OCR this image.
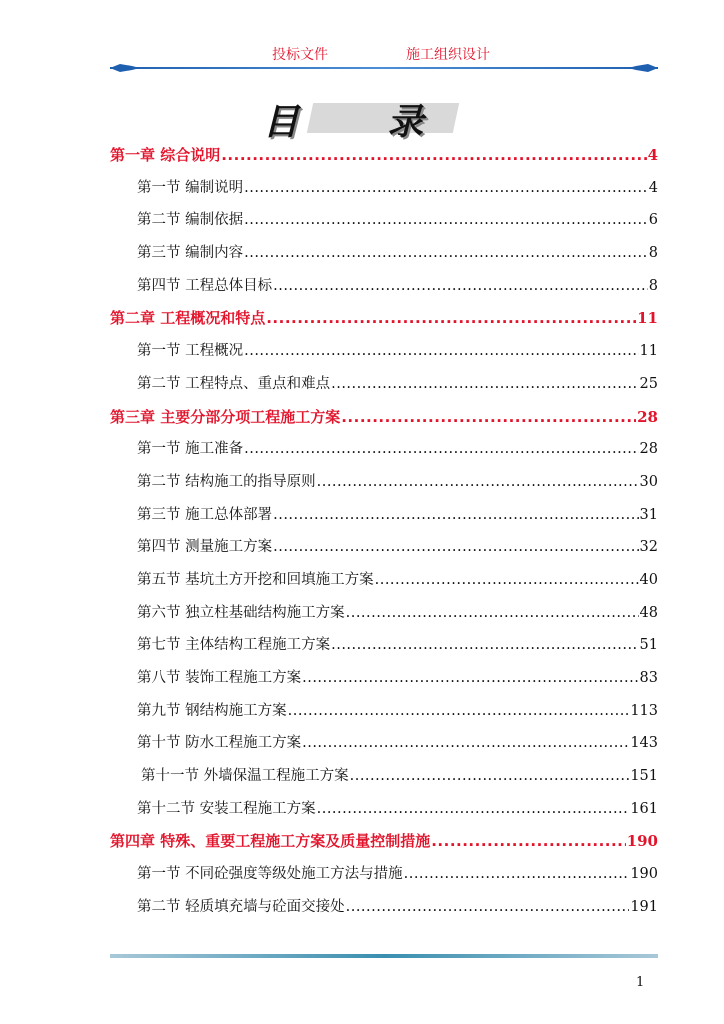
投标文件	施工组织设计
目 录
第一章 综合说明 .....	4
第一节 编制说明 .....	4
第二节 编制依据 .....	6
第三节 编制内容 .....	8
第四节 工程总体目标 .....	8
第二章 工程概况和特点 .....	11
第一节 工程概况 .....	11
第二节 工程特点、重点和难点 .....	25
第三章 主要分部分项工程施工方案 .....	28
第一节 施工准备 .....	28
第二节 结构施工的指导原则 .....	30
第三节 施工总体部署 .....	31
第四节 测量施工方案 .....	32
第五节 基坑土方开挖和回填施工方案 .....	40
第六节 独立柱基础结构施工方案 .....	48
第七节 主体结构工程施工方案 .....	51
第八节 装饰工程施工方案 .....	83
第九节 钢结构施工方案 .....	113
第十节 防水工程施工方案 .....	143
第十一节 外墙保温工程施工方案 .....	151
第十二节 安装工程施工方案 .....	161
第四章 特殊、重要工程施工方案及质量控制措施 .....	190
第一节 不同砼强度等级处施工方法与措施 .....	190
第二节 轻质填充墙与砼面交接处 .....	191
1
